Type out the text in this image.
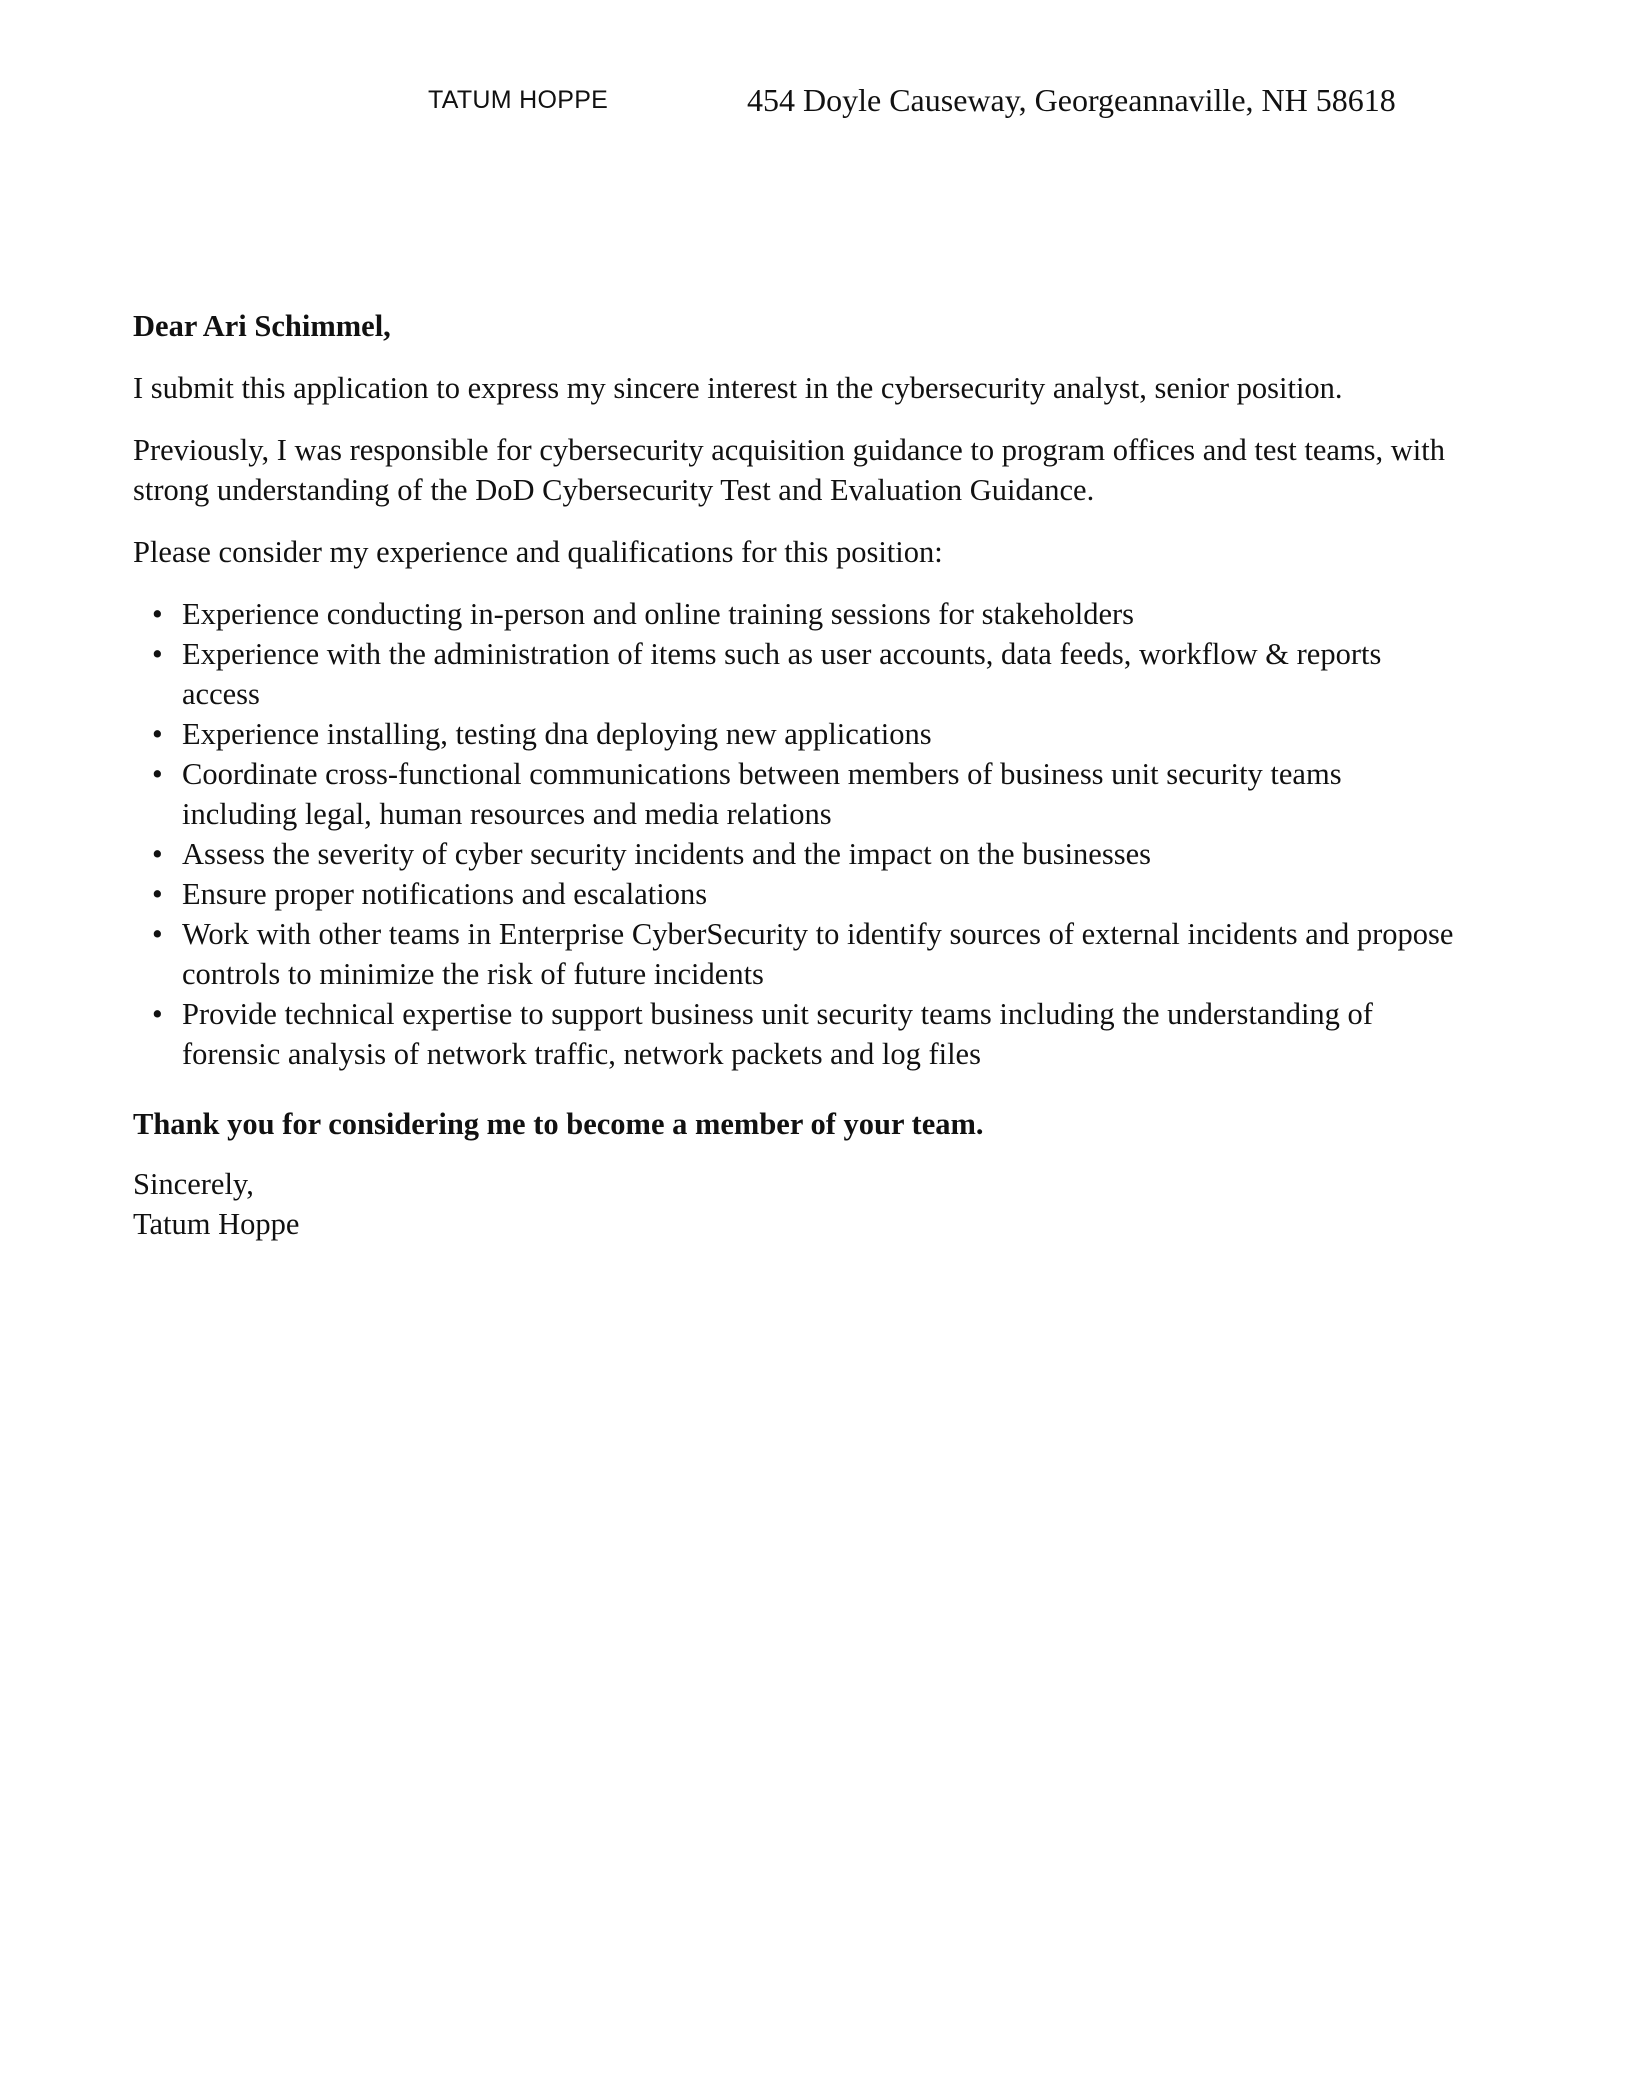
TATUM HOPPE	454 Doyle Causeway, Georgeannaville, NH 58618

Dear Ari Schimmel,

I submit this application to express my sincere interest in the cybersecurity analyst, senior position.

Previously, I was responsible for cybersecurity acquisition guidance to program offices and test teams, with strong understanding of the DoD Cybersecurity Test and Evaluation Guidance.

Please consider my experience and qualifications for this position:

• Experience conducting in-person and online training sessions for stakeholders
• Experience with the administration of items such as user accounts, data feeds, workflow & reports access
• Experience installing, testing dna deploying new applications
• Coordinate cross-functional communications between members of business unit security teams including legal, human resources and media relations
• Assess the severity of cyber security incidents and the impact on the businesses
• Ensure proper notifications and escalations
• Work with other teams in Enterprise CyberSecurity to identify sources of external incidents and propose controls to minimize the risk of future incidents
• Provide technical expertise to support business unit security teams including the understanding of forensic analysis of network traffic, network packets and log files

Thank you for considering me to become a member of your team.

Sincerely,

Tatum Hoppe
